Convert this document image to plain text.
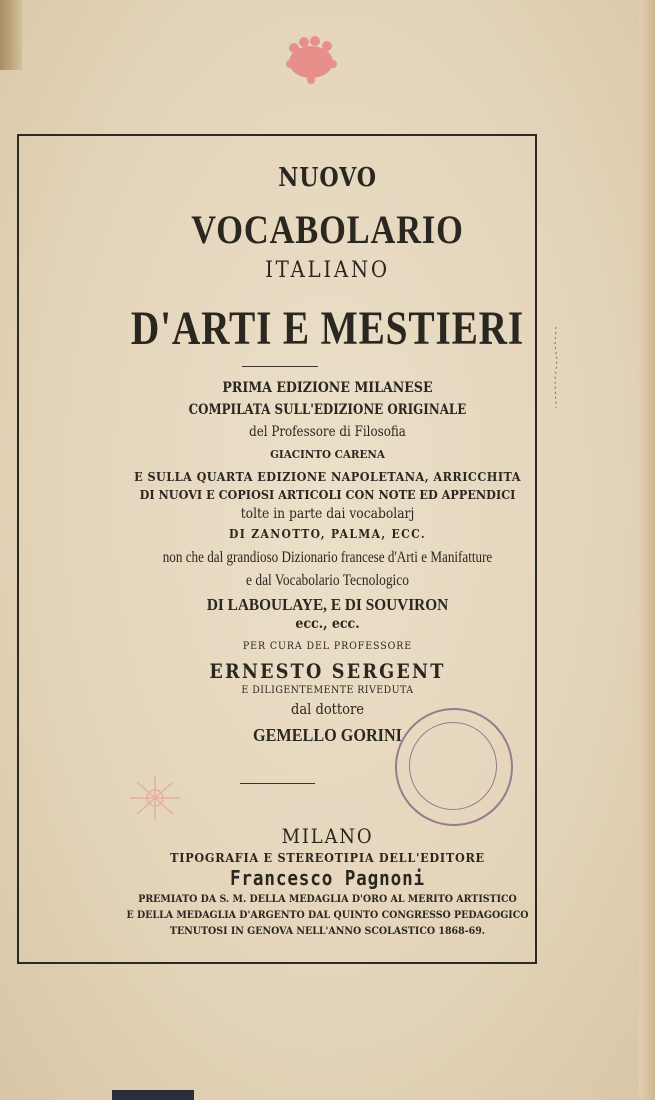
NUOVO
VOCABOLARIO
ITALIANO
D'ARTI E MESTIERI
PRIMA EDIZIONE MILANESE
COMPILATA SULL'EDIZIONE ORIGINALE
del Professore di Filosofia
GIACINTO CARENA
E SULLA QUARTA EDIZIONE NAPOLETANA, ARRICCHITA
DI NUOVI E COPIOSI ARTICOLI CON NOTE ED APPENDICI
tolte in parte dai vocabolarj
DI ZANOTTO, PALMA, ECC.
non che dal grandioso Dizionario francese d'Arti e Manifatture
e dal Vocabolario Tecnologico
DI LABOULAYE, E DI SOUVIRON
ecc., ecc.
PER CURA DEL PROFESSORE
ERNESTO SERGENT
E DILIGENTEMENTE RIVEDUTA
dal dottore
GEMELLO GORINI
MILANO
TIPOGRAFIA E STEREOTIPIA DELL'EDITORE
Francesco Pagnoni
PREMIATO DA S. M. DELLA MEDAGLIA D'ORO AL MERITO ARTISTICO
E DELLA MEDAGLIA D'ARGENTO DAL QUINTO CONGRESSO PEDAGOGICO
TENUTOSI IN GENOVA NELL'ANNO SCOLASTICO 1868-69.
